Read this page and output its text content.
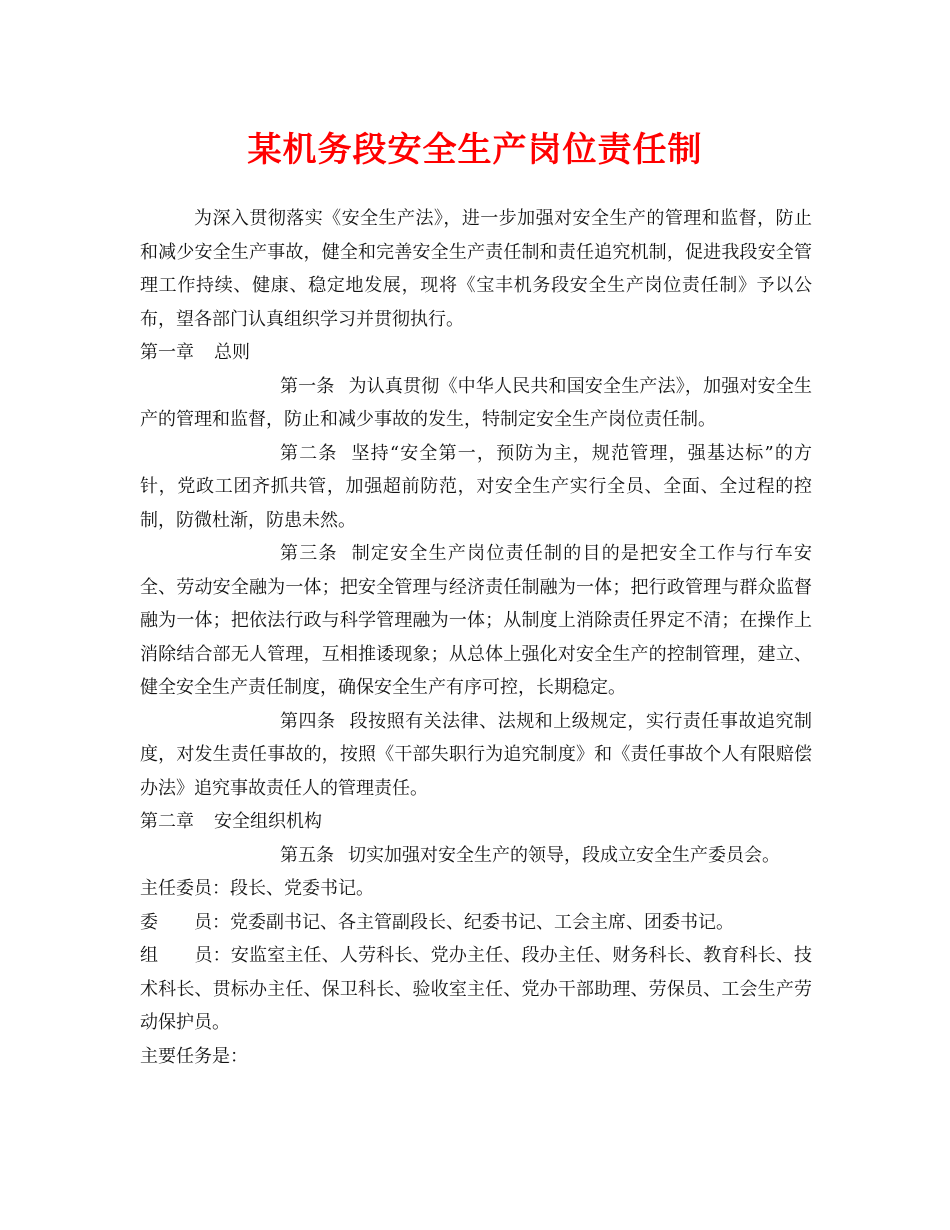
某机务段安全生产岗位责任制

为深入贯彻落实《安全生产法》，进一步加强对安全生产的管理和监督，防止和减少安全生产事故，健全和完善安全生产责任制和责任追究机制，促进我段安全管理工作持续、健康、稳定地发展，现将《宝丰机务段安全生产岗位责任制》予以公布，望各部门认真组织学习并贯彻执行。

第一章 总则

第一条 为认真贯彻《中华人民共和国安全生产法》，加强对安全生产的管理和监督，防止和减少事故的发生，特制定安全生产岗位责任制。

第二条 坚持“安全第一，预防为主，规范管理，强基达标”的方针，党政工团齐抓共管，加强超前防范，对安全生产实行全员、全面、全过程的控制，防微杜渐，防患未然。

第三条 制定安全生产岗位责任制的目的是把安全工作与行车安全、劳动安全融为一体；把安全管理与经济责任制融为一体；把行政管理与群众监督融为一体；把依法行政与科学管理融为一体；从制度上消除责任界定不清；在操作上消除结合部无人管理，互相推诿现象；从总体上强化对安全生产的控制管理，建立、健全安全生产责任制度，确保安全生产有序可控，长期稳定。

第四条 段按照有关法律、法规和上级规定，实行责任事故追究制度，对发生责任事故的，按照《干部失职行为追究制度》和《责任事故个人有限赔偿办法》追究事故责任人的管理责任。

第二章 安全组织机构

第五条 切实加强对安全生产的领导，段成立安全生产委员会。

主任委员：段长、党委书记。

委　　员：党委副书记、各主管副段长、纪委书记、工会主席、团委书记。

组　　员：安监室主任、人劳科长、党办主任、段办主任、财务科长、教育科长、技术科长、贯标办主任、保卫科长、验收室主任、党办干部助理、劳保员、工会生产劳动保护员。

主要任务是：
